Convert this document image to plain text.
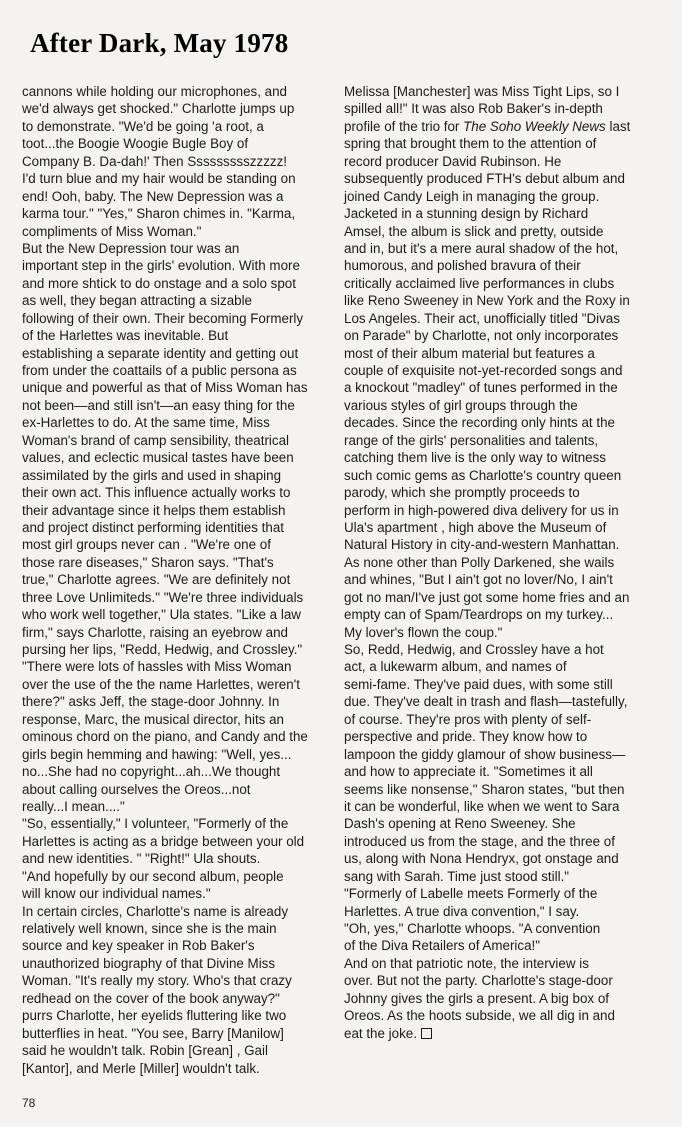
After Dark, May 1978
cannons while holding our microphones, and
we'd always get shocked." Charlotte jumps up
to demonstrate. "We'd be going 'a root, a
toot...the Boogie Woogie Bugle Boy of
Company B. Da-dah!' Then Ssssssssszzzzz!
I'd turn blue and my hair would be standing on
end! Ooh, baby. The New Depression was a
karma tour." "Yes," Sharon chimes in. "Karma,
compliments of Miss Woman."
But the New Depression tour was an
important step in the girls' evolution. With more
and more shtick to do onstage and a solo spot
as well, they began attracting a sizable
following of their own. Their becoming Formerly
of the Harlettes was inevitable. But
establishing a separate identity and getting out
from under the coattails of a public persona as
unique and powerful as that of Miss Woman has
not been—and still isn't—an easy thing for the
ex-Harlettes to do. At the same time, Miss
Woman's brand of camp sensibility, theatrical
values, and eclectic musical tastes have been
assimilated by the girls and used in shaping
their own act. This influence actually works to
their advantage since it helps them establish
and project distinct performing identities that
most girl groups never can . "We're one of
those rare diseases," Sharon says. "That's
true," Charlotte agrees. "We are definitely not
three Love Unlimiteds." "We're three individuals
who work well together," Ula states. "Like a law
firm," says Charlotte, raising an eyebrow and
pursing her lips, "Redd, Hedwig, and Crossley."
"There were lots of hassles with Miss Woman
over the use of the the name Harlettes, weren't
there?" asks Jeff, the stage-door Johnny. In
response, Marc, the musical director, hits an
ominous chord on the piano, and Candy and the
girls begin hemming and hawing: "Well, yes...
no...She had no copyright...ah...We thought
about calling ourselves the Oreos...not
really...I mean...."
"So, essentially," I volunteer, "Formerly of the
Harlettes is acting as a bridge between your old
and new identities. " "Right!" Ula shouts.
"And hopefully by our second album, people
will know our individual names."
In certain circles, Charlotte's name is already
relatively well known, since she is the main
source and key speaker in Rob Baker's
unauthorized biography of that Divine Miss
Woman. "It's really my story. Who's that crazy
redhead on the cover of the book anyway?"
purrs Charlotte, her eyelids fluttering like two
butterflies in heat. "You see, Barry [Manilow]
said he wouldn't talk. Robin [Grean] , Gail
[Kantor], and Merle [Miller] wouldn't talk.
Melissa [Manchester] was Miss Tight Lips, so I
spilled all!" It was also Rob Baker's in-depth
profile of the trio for The Soho Weekly News last
spring that brought them to the attention of
record producer David Rubinson. He
subsequently produced FTH's debut album and
joined Candy Leigh in managing the group.
Jacketed in a stunning design by Richard
Amsel, the album is slick and pretty, outside
and in, but it's a mere aural shadow of the hot,
humorous, and polished bravura of their
critically acclaimed live performances in clubs
like Reno Sweeney in New York and the Roxy in
Los Angeles. Their act, unofficially titled "Divas
on Parade" by Charlotte, not only incorporates
most of their album material but features a
couple of exquisite not-yet-recorded songs and
a knockout "madley" of tunes performed in the
various styles of girl groups through the
decades. Since the recording only hints at the
range of the girls' personalities and talents,
catching them live is the only way to witness
such comic gems as Charlotte's country queen
parody, which she promptly proceeds to
perform in high-powered diva delivery for us in
Ula's apartment , high above the Museum of
Natural History in city-and-western Manhattan.
As none other than Polly Darkened, she wails
and whines, "But I ain't got no lover/No, I ain't
got no man/I've just got some home fries and an
empty can of Spam/Teardrops on my turkey...
My lover's flown the coup."
So, Redd, Hedwig, and Crossley have a hot
act, a lukewarm album, and names of
semi-fame. They've paid dues, with some still
due. They've dealt in trash and flash—tastefully,
of course. They're pros with plenty of self-
perspective and pride. They know how to
lampoon the giddy glamour of show business—
and how to appreciate it. "Sometimes it all
seems like nonsense," Sharon states, "but then
it can be wonderful, like when we went to Sara
Dash's opening at Reno Sweeney. She
introduced us from the stage, and the three of
us, along with Nona Hendryx, got onstage and
sang with Sarah. Time just stood still."
"Formerly of Labelle meets Formerly of the
Harlettes. A true diva convention," I say.
"Oh, yes," Charlotte whoops. "A convention
of the Diva Retailers of America!"
And on that patriotic note, the interview is
over. But not the party. Charlotte's stage-door
Johnny gives the girls a present. A big box of
Oreos. As the hoots subside, we all dig in and
eat the joke.
78
